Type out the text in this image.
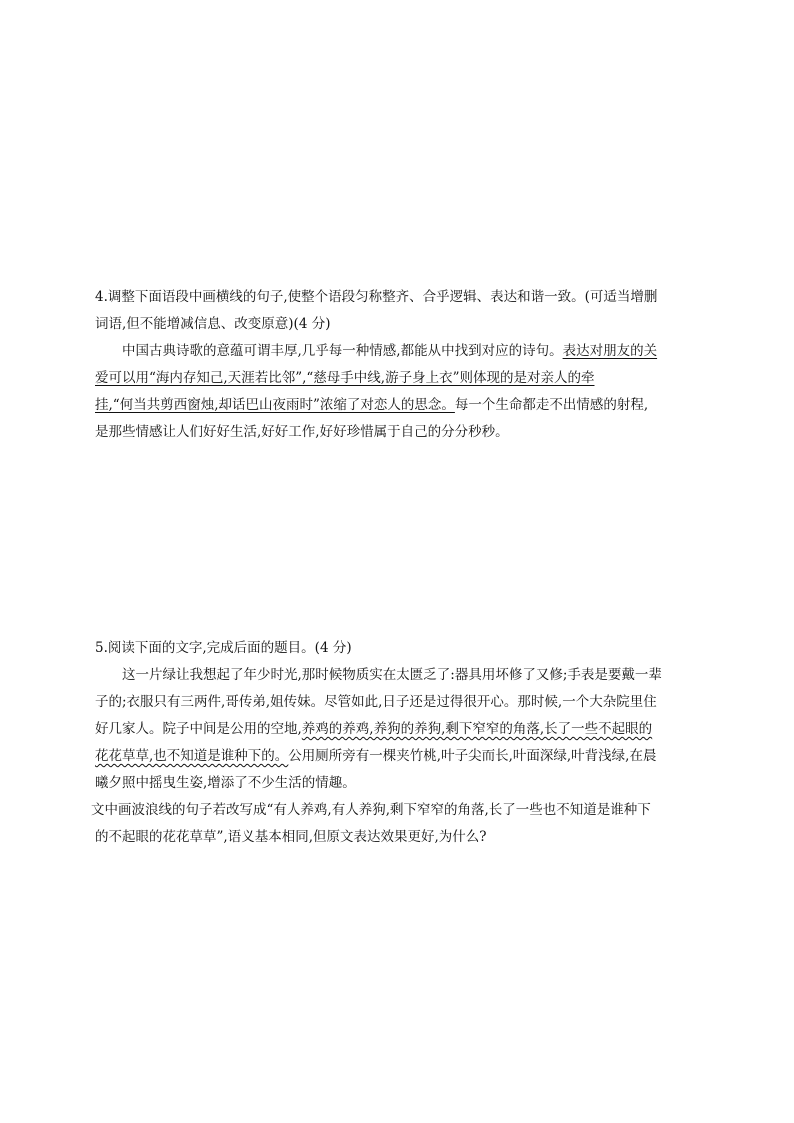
4.调整下面语段中画横线的句子,使整个语段匀称整齐、合乎逻辑、表达和谐一致。(可适当增删
词语,但不能增减信息、改变原意)(4 分)
中国古典诗歌的意蕴可谓丰厚,几乎每一种情感,都能从中找到对应的诗句。表达对朋友的关
爱可以用“海内存知己,天涯若比邻”,“慈母手中线,游子身上衣”则体现的是对亲人的牵
挂,“何当共剪西窗烛,却话巴山夜雨时”浓缩了对恋人的思念。每一个生命都走不出情感的射程,
是那些情感让人们好好生活,好好工作,好好珍惜属于自己的分分秒秒。
5.阅读下面的文字,完成后面的题目。(4 分)
这一片绿让我想起了年少时光,那时候物质实在太匮乏了:器具用坏修了又修;手表是要戴一辈
子的;衣服只有三两件,哥传弟,姐传妹。尽管如此,日子还是过得很开心。那时候,一个大杂院里住
好几家人。院子中间是公用的空地,养鸡的养鸡,养狗的养狗,剩下窄窄的角落,长了一些不起眼的
花花草草,也不知道是谁种下的。公用厕所旁有一棵夹竹桃,叶子尖而长,叶面深绿,叶背浅绿,在晨
曦夕照中摇曳生姿,增添了不少生活的情趣。
文中画波浪线的句子若改写成“有人养鸡,有人养狗,剩下窄窄的角落,长了一些也不知道是谁种下
的不起眼的花花草草”,语义基本相同,但原文表达效果更好,为什么?
